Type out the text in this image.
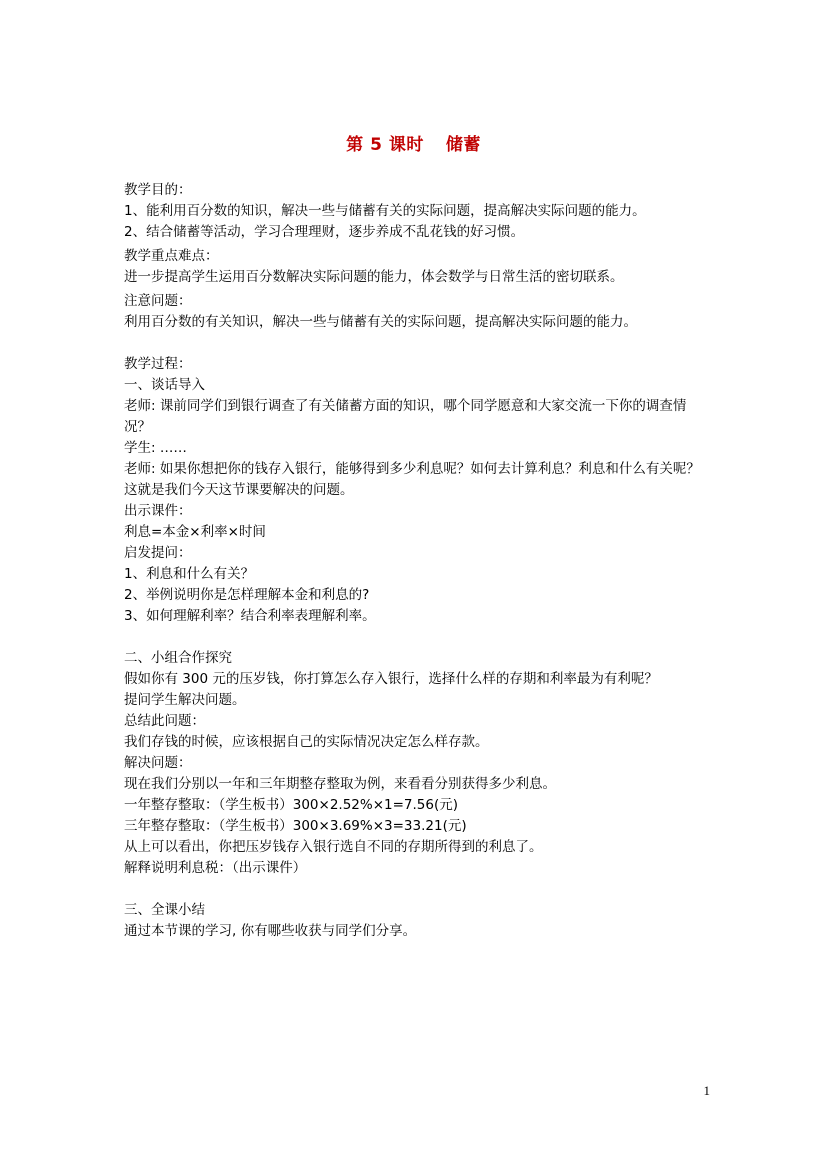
第 5 课时 储蓄
教学目的：
1、能利用百分数的知识，解决一些与储蓄有关的实际问题，提高解决实际问题的能力。
2、结合储蓄等活动，学习合理理财，逐步养成不乱花钱的好习惯。
教学重点难点：
进一步提高学生运用百分数解决实际问题的能力，体会数学与日常生活的密切联系。
注意问题：
利用百分数的有关知识，解决一些与储蓄有关的实际问题，提高解决实际问题的能力。
教学过程：
一、谈话导入
老师: 课前同学们到银行调查了有关储蓄方面的知识，哪个同学愿意和大家交流一下你的调查情况？
学生: ……
老师: 如果你想把你的钱存入银行，能够得到多少利息呢？如何去计算利息？利息和什么有关呢？这就是我们今天这节课要解决的问题。
出示课件：
利息=本金×利率×时间
启发提问：
1、利息和什么有关？
2、举例说明你是怎样理解本金和利息的?
3、如何理解利率？结合利率表理解利率。
二、小组合作探究
假如你有 300 元的压岁钱，你打算怎么存入银行，选择什么样的存期和利率最为有利呢？
提问学生解决问题。
总结此问题：
我们存钱的时候，应该根据自己的实际情况决定怎么样存款。
解决问题：
现在我们分别以一年和三年期整存整取为例，来看看分别获得多少利息。
一年整存整取：（学生板书）300×2.52%×1=7.56(元)
三年整存整取：（学生板书）300×3.69%×3=33.21(元)
从上可以看出，你把压岁钱存入银行选自不同的存期所得到的利息了。
解释说明利息税：（出示课件）
三、全课小结
通过本节课的学习, 你有哪些收获与同学们分享。
1
